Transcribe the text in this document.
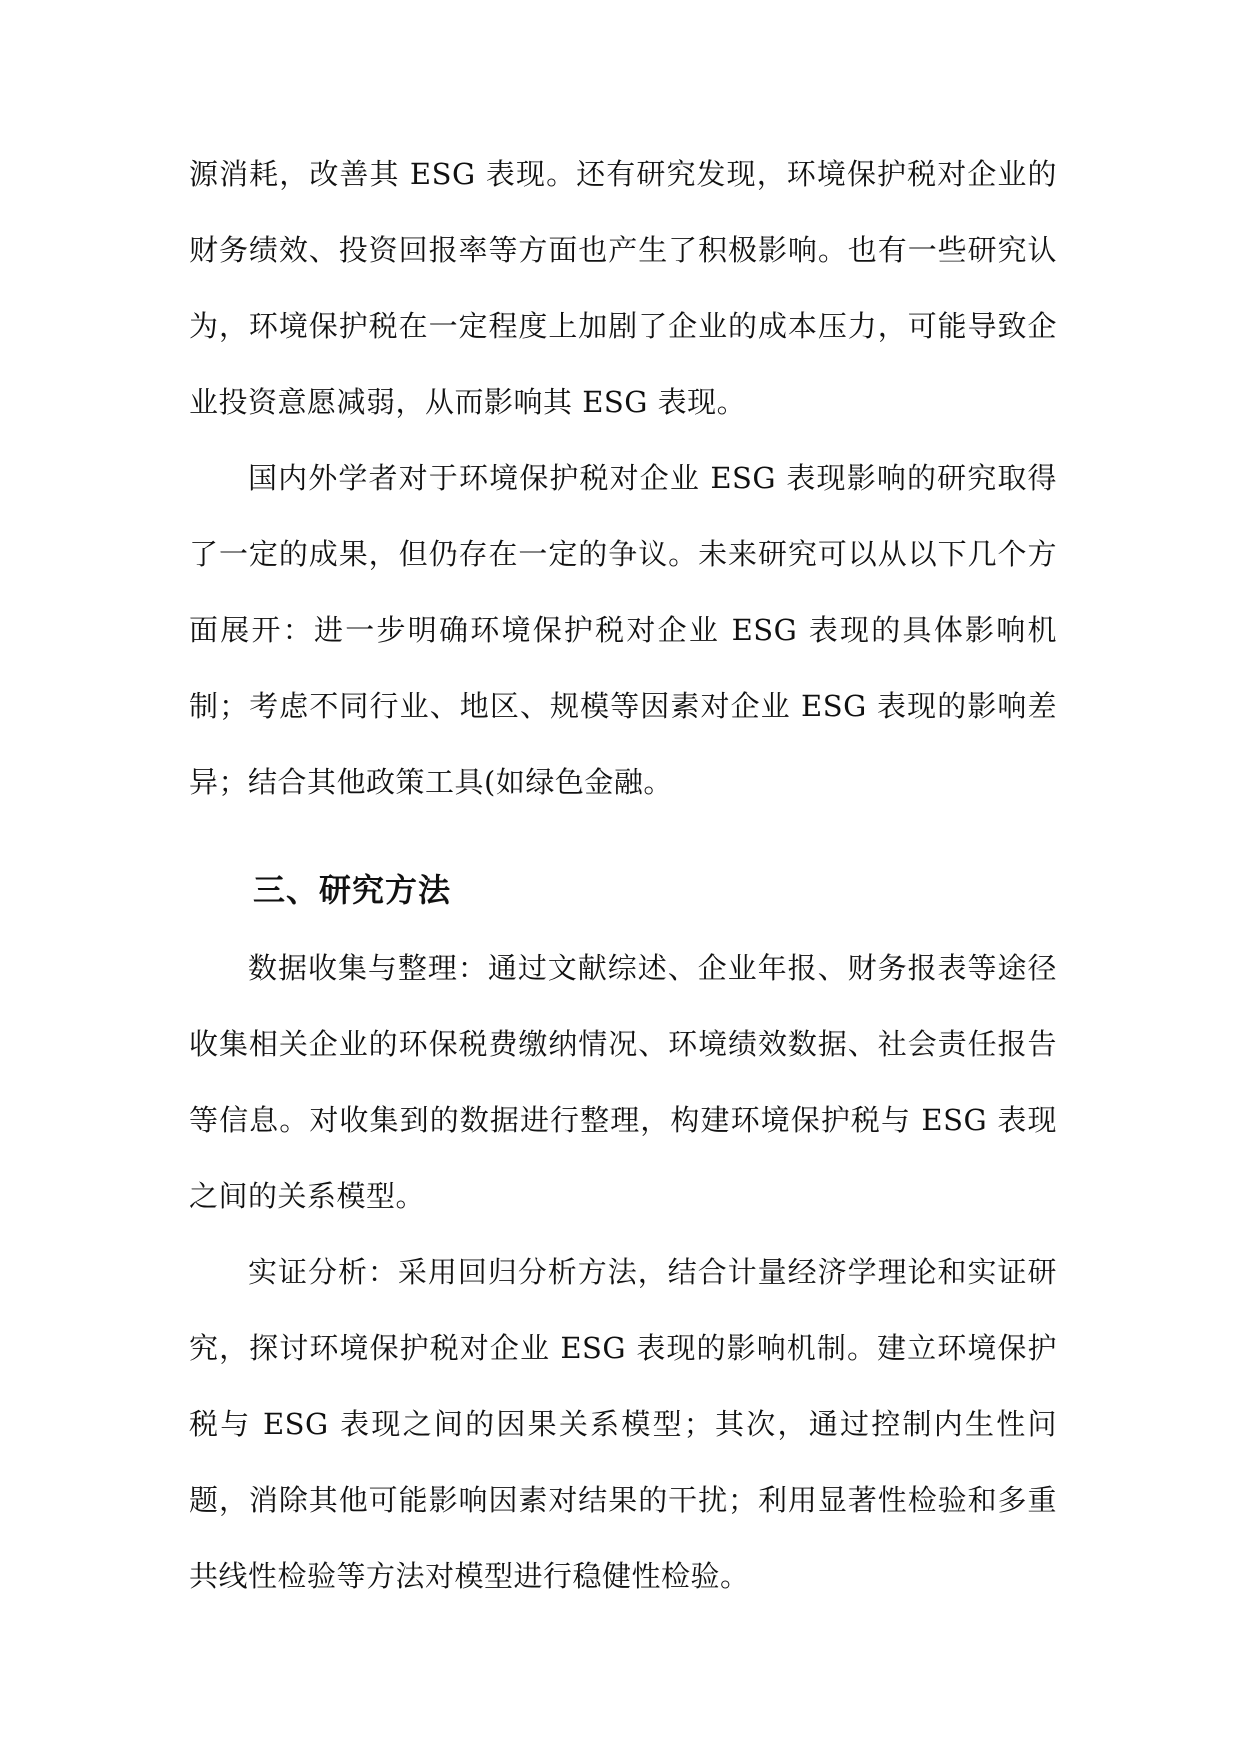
源消耗，改善其 ESG 表现。还有研究发现，环境保护税对企业的财务绩效、投资回报率等方面也产生了积极影响。也有一些研究认为，环境保护税在一定程度上加剧了企业的成本压力，可能导致企业投资意愿减弱，从而影响其 ESG 表现。

国内外学者对于环境保护税对企业 ESG 表现影响的研究取得了一定的成果，但仍存在一定的争议。未来研究可以从以下几个方面展开：进一步明确环境保护税对企业 ESG 表现的具体影响机制；考虑不同行业、地区、规模等因素对企业 ESG 表现的影响差异；结合其他政策工具(如绿色金融。

三、研究方法

数据收集与整理：通过文献综述、企业年报、财务报表等途径收集相关企业的环保税费缴纳情况、环境绩效数据、社会责任报告等信息。对收集到的数据进行整理，构建环境保护税与 ESG 表现之间的关系模型。

实证分析：采用回归分析方法，结合计量经济学理论和实证研究，探讨环境保护税对企业 ESG 表现的影响机制。建立环境保护税与 ESG 表现之间的因果关系模型；其次，通过控制内生性问题，消除其他可能影响因素对结果的干扰；利用显著性检验和多重共线性检验等方法对模型进行稳健性检验。
